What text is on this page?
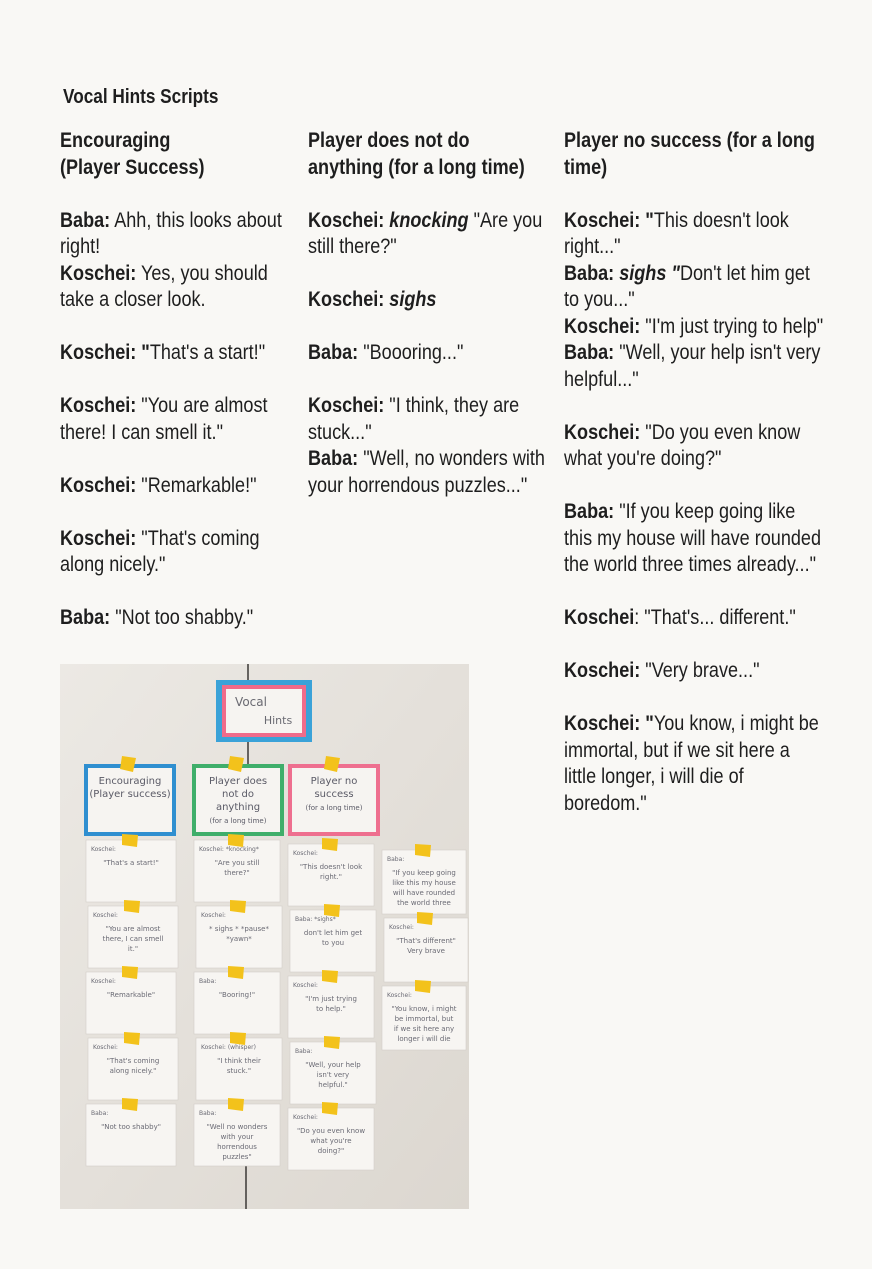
Vocal Hints Scripts

Encouraging
(Player Success)

Baba: Ahh, this looks about right!
Koschei: Yes, you should take a closer look.
Koschei: "That's a start!"
Koschei: "You are almost there! I can smell it."
Koschei: "Remarkable!"
Koschei: "That's coming along nicely."
Baba: "Not too shabby."

Player does not do
anything (for a long time)

Koschei: knocking "Are you still there?"
Koschei: sighs
Baba: "Boooring..."
Koschei: "I think, they are stuck..."
Baba: "Well, no wonders with your horrendous puzzles..."

Player no success (for a long
time)

Koschei: "This doesn't look right..."
Baba: sighs "Don't let him get to you..."
Koschei: "I'm just trying to help"
Baba: "Well, your help isn't very helpful..."
Koschei: "Do you even know what you're doing?"
Baba: "If you keep going like this my house will have rounded the world three times already..."
Koschei: "That's... different."
Koschei: "Very brave..."
Koschei: "You know, i might be immortal, but if we sit here a little longer, i will die of boredom."
Vocal
Hints
Encouraging
(Player success)
Player does
not do
anything
(for a long time)
Player no
success
(for a long time)
Koschei:
"That's a start!"
Koschei:
"You are almost
there, I can smell
it."
Koschei:
"Remarkable"
Koschei:
"That's coming
along nicely."
Baba:
"Not too shabby"
Koschei: *knocking*
"Are you still
there?"
Koschei:
* sighs * *pause*
*yawn*
Baba:
"Booring!"
Koschei: (whisper)
"I think their
stuck."
Baba:
"Well no wonders
with your
horrendous
puzzles"
Koschei:
"This doesn't look
right."
Baba: *sighs*
don't let him get
to you
Koschei:
"I'm just trying
to help."
Baba:
"Well, your help
isn't very
helpful."
Koschei:
"Do you even know
what you're
doing?"
Baba:
"If you keep going
like this my house
will have rounded
the world three
Koschei:
"That's different"
Very brave
Koschei:
"You know, i might
be immortal, but
if we sit here any
longer i will die
